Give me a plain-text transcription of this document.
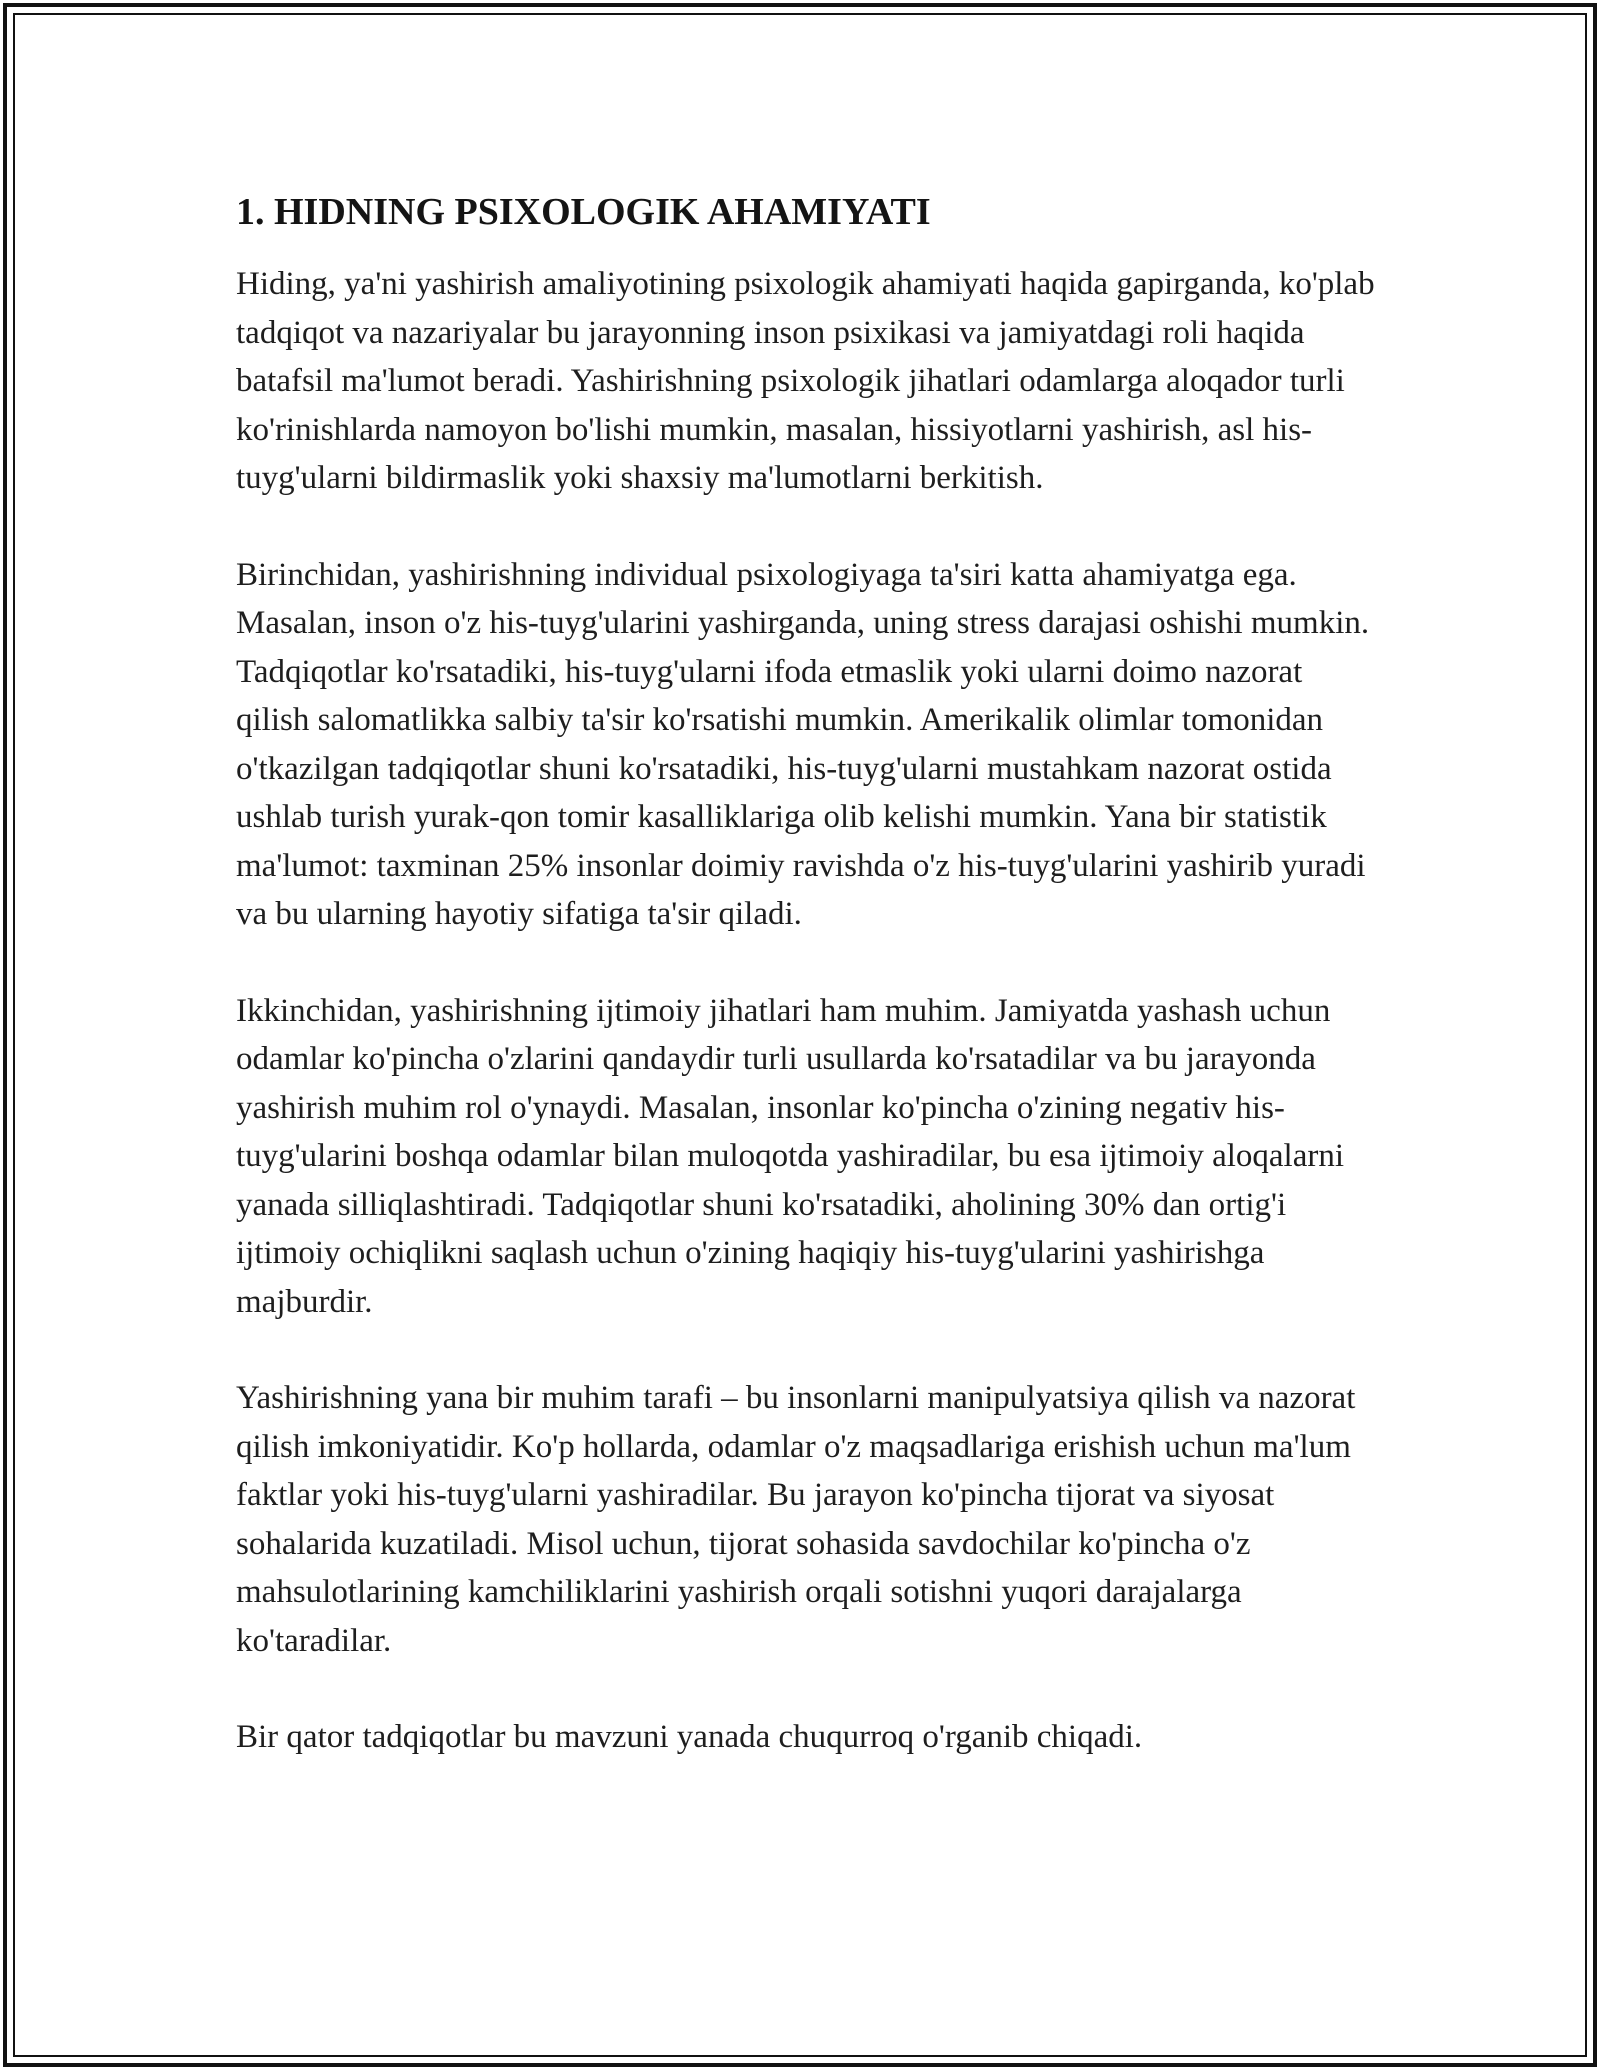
1. HIDNING PSIXOLOGIK AHAMIYATI

Hiding, ya'ni yashirish amaliyotining psixologik ahamiyati haqida gapirganda, ko'plab tadqiqot va nazariyalar bu jarayonning inson psixikasi va jamiyatdagi roli haqida batafsil ma'lumot beradi. Yashirishning psixologik jihatlari odamlarga aloqador turli ko'rinishlarda namoyon bo'lishi mumkin, masalan, hissiyotlarni yashirish, asl his-tuyg'ularni bildirmaslik yoki shaxsiy ma'lumotlarni berkitish.

Birinchidan, yashirishning individual psixologiyaga ta'siri katta ahamiyatga ega. Masalan, inson o'z his-tuyg'ularini yashirganda, uning stress darajasi oshishi mumkin. Tadqiqotlar ko'rsatadiki, his-tuyg'ularni ifoda etmaslik yoki ularni doimo nazorat qilish salomatlikka salbiy ta'sir ko'rsatishi mumkin. Amerikalik olimlar tomonidan o'tkazilgan tadqiqotlar shuni ko'rsatadiki, his-tuyg'ularni mustahkam nazorat ostida ushlab turish yurak-qon tomir kasalliklariga olib kelishi mumkin. Yana bir statistik ma'lumot: taxminan 25% insonlar doimiy ravishda o'z his-tuyg'ularini yashirib yuradi va bu ularning hayotiy sifatiga ta'sir qiladi.

Ikkinchidan, yashirishning ijtimoiy jihatlari ham muhim. Jamiyatda yashash uchun odamlar ko'pincha o'zlarini qandaydir turli usullarda ko'rsatadilar va bu jarayonda yashirish muhim rol o'ynaydi. Masalan, insonlar ko'pincha o'zining negativ his-tuyg'ularini boshqa odamlar bilan muloqotda yashiradilar, bu esa ijtimoiy aloqalarni yanada silliqlashtiradi. Tadqiqotlar shuni ko'rsatadiki, aholining 30% dan ortig'i ijtimoiy ochiqlikni saqlash uchun o'zining haqiqiy his-tuyg'ularini yashirishga majburdir.

Yashirishning yana bir muhim tarafi – bu insonlarni manipulyatsiya qilish va nazorat qilish imkoniyatidir. Ko'p hollarda, odamlar o'z maqsadlariga erishish uchun ma'lum faktlar yoki his-tuyg'ularni yashiradilar. Bu jarayon ko'pincha tijorat va siyosat sohalarida kuzatiladi. Misol uchun, tijorat sohasida savdochilar ko'pincha o'z mahsulotlarining kamchiliklarini yashirish orqali sotishni yuqori darajalarga ko'taradilar.

Bir qator tadqiqotlar bu mavzuni yanada chuqurroq o'rganib chiqadi.
